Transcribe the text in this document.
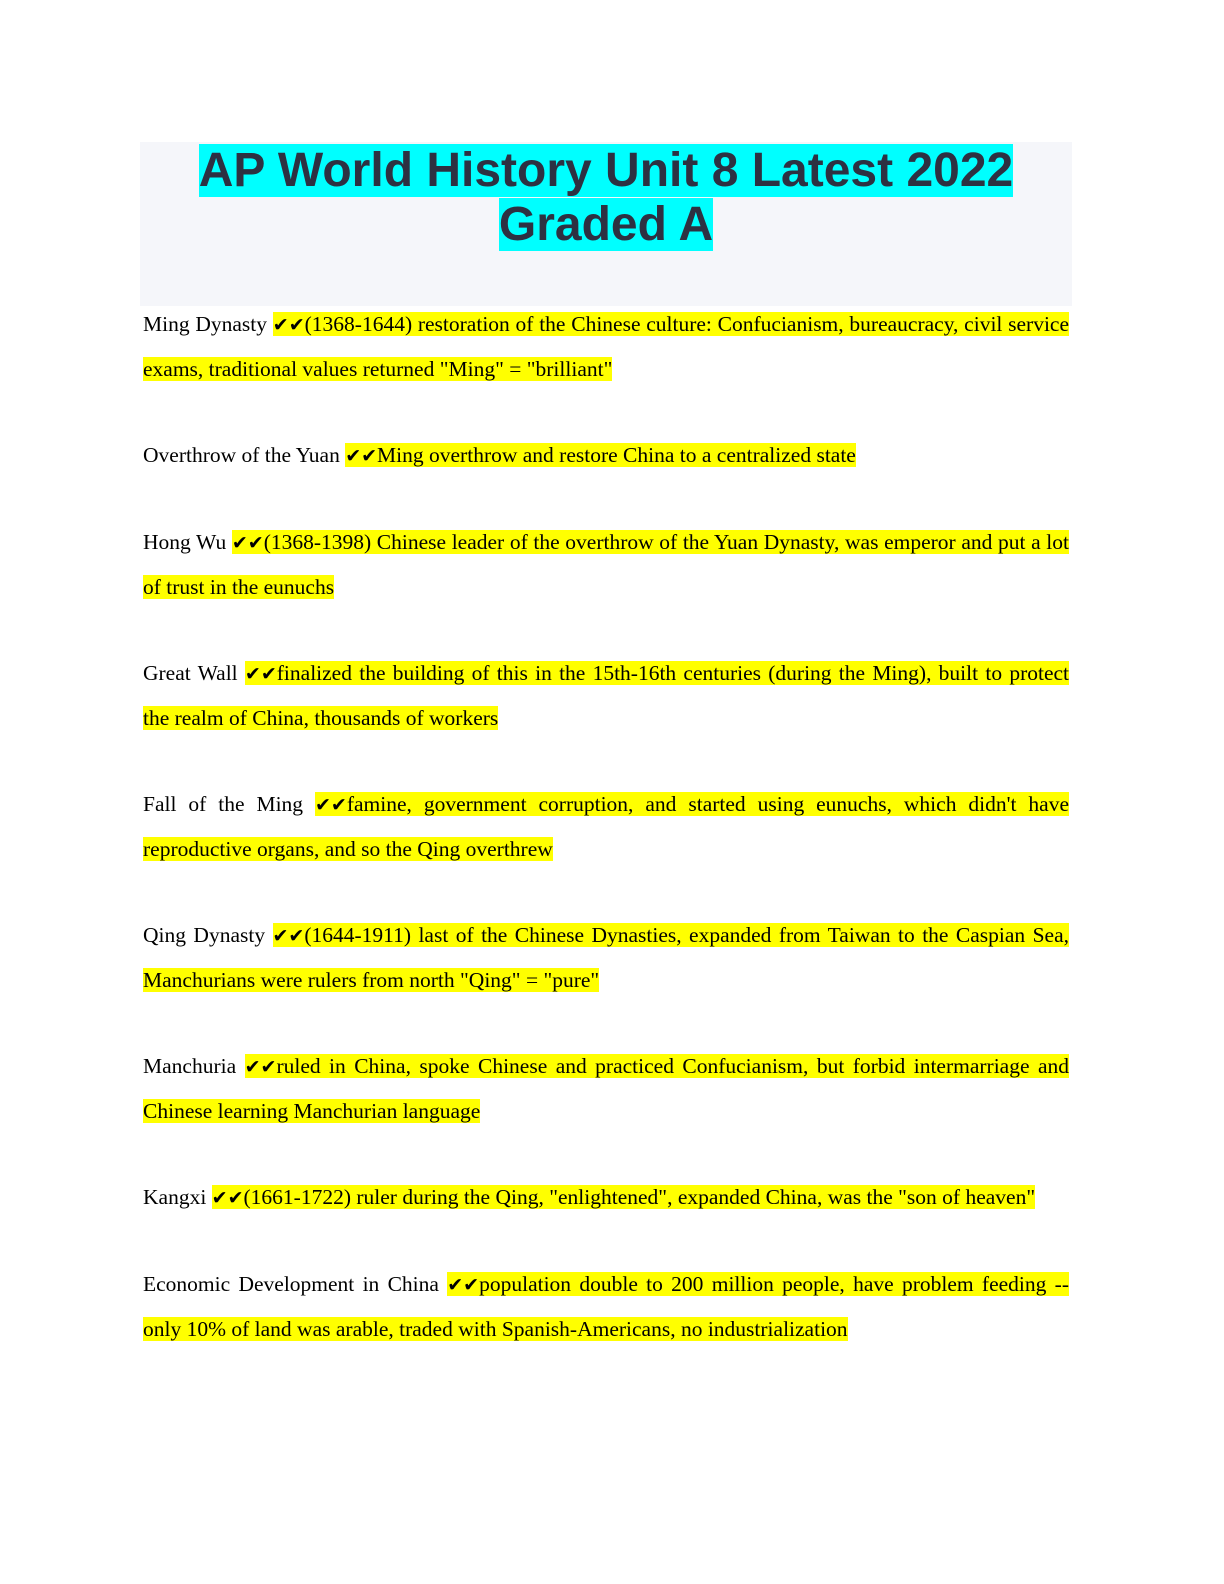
AP World History Unit 8 Latest 2022
Graded A

Ming Dynasty ✔✔(1368-1644) restoration of the Chinese culture: Confucianism, bureaucracy, civil service exams, traditional values returned "Ming" = "brilliant"

Overthrow of the Yuan ✔✔Ming overthrow and restore China to a centralized state

Hong Wu ✔✔(1368-1398) Chinese leader of the overthrow of the Yuan Dynasty, was emperor and put a lot of trust in the eunuchs

Great Wall ✔✔finalized the building of this in the 15th-16th centuries (during the Ming), built to protect the realm of China, thousands of workers

Fall of the Ming ✔✔famine, government corruption, and started using eunuchs, which didn't have reproductive organs, and so the Qing overthrew

Qing Dynasty ✔✔(1644-1911) last of the Chinese Dynasties, expanded from Taiwan to the Caspian Sea, Manchurians were rulers from north "Qing" = "pure"

Manchuria ✔✔ruled in China, spoke Chinese and practiced Confucianism, but forbid intermarriage and Chinese learning Manchurian language

Kangxi ✔✔(1661-1722) ruler during the Qing, "enlightened", expanded China, was the "son of heaven"

Economic Development in China ✔✔population double to 200 million people, have problem feeding -- only 10% of land was arable, traded with Spanish-Americans, no industrialization
